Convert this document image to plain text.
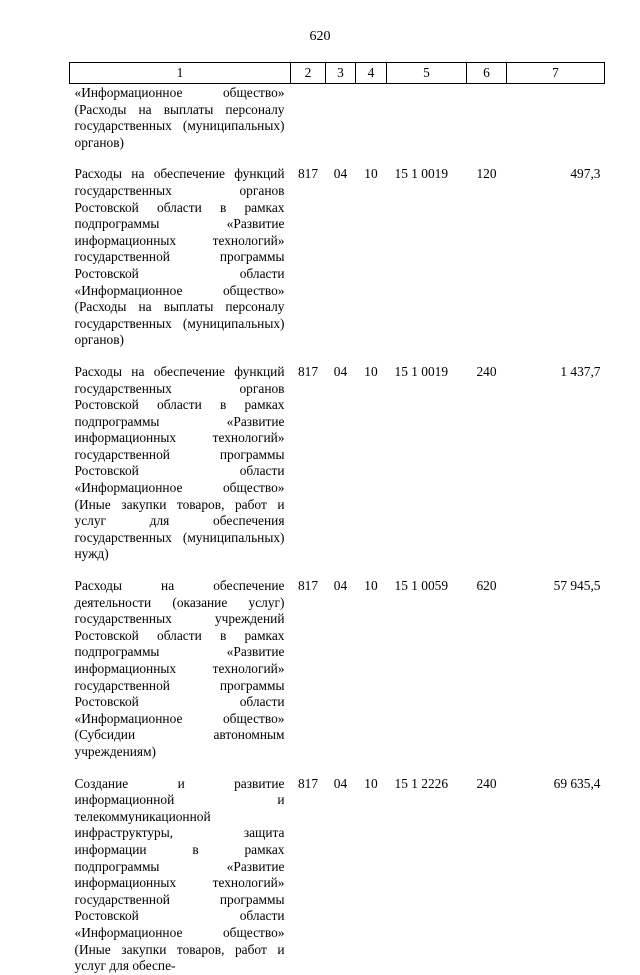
620
1	2	3	4	5	6	7
«Информационное общество» (Расходы на выплаты персоналу государственных (муниципальных) органов)						
Расходы на обеспечение функций государственных органов Ростовской области в рамках подпрограммы «Развитие информационных технологий» государственной программы Ростовской области «Информационное общество» (Расходы на выплаты персоналу государственных (муниципальных) органов)	817	04	10	15 1 0019	120	497,3
Расходы на обеспечение функций государственных органов Ростовской области в рамках подпрограммы «Развитие информационных технологий» государственной программы Ростовской области «Информационное общество» (Иные закупки товаров, работ и услуг для обеспечения государственных (муниципальных) нужд)	817	04	10	15 1 0019	240	1 437,7
Расходы на обеспечение деятельности (оказание услуг) государственных учреждений Ростовской области в рамках подпрограммы «Развитие информационных технологий» государственной программы Ростовской области «Информационное общество» (Субсидии автономным учреждениям)	817	04	10	15 1 0059	620	57 945,5
Создание и развитие информационной и телекоммуникационной инфраструктуры, защита информации в рамках подпрограммы «Развитие информационных технологий» государственной программы Ростовской области «Информационное общество» (Иные закупки товаров, работ и услуг для обеспе-	817	04	10	15 1 2226	240	69 635,4
